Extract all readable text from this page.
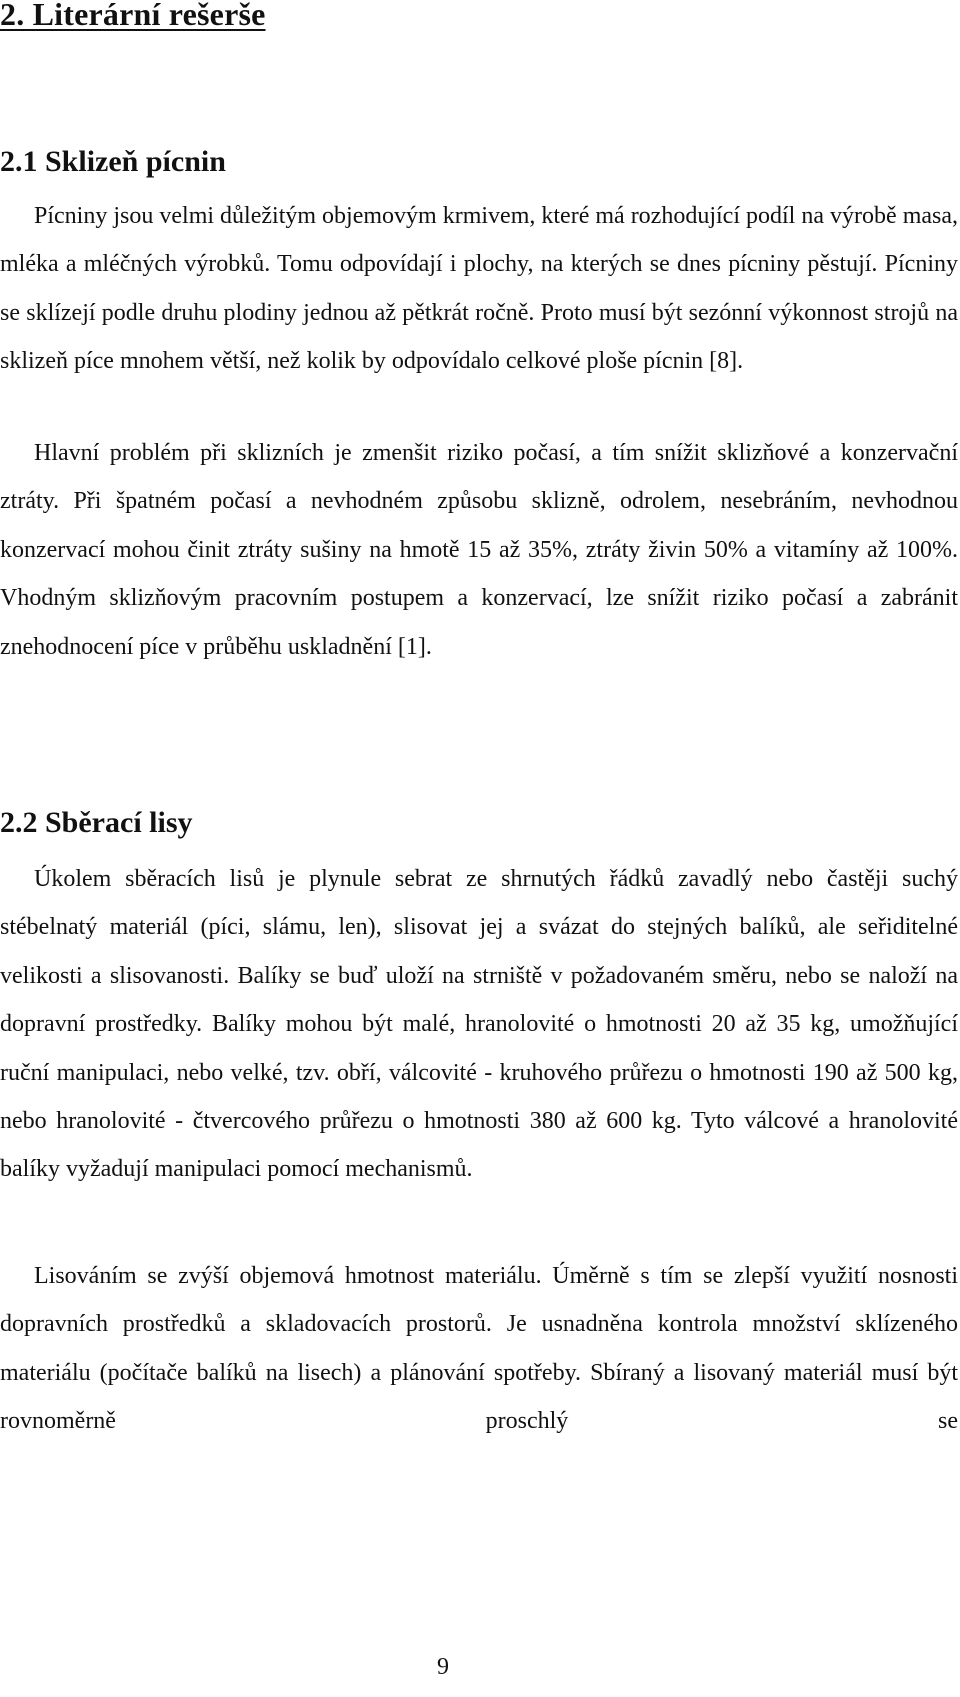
2. Literární rešerše
2.1 Sklizeň pícnin

Pícniny jsou velmi důležitým objemovým krmivem, které má rozhodující podíl na výrobě masa, mléka a mléčných výrobků. Tomu odpovídají i plochy, na kterých se dnes pícniny pěstují. Pícniny se sklízejí podle druhu plodiny jednou až pětkrát ročně. Proto musí být sezónní výkonnost strojů na sklizeň píce mnohem větší, než kolik by odpovídalo celkové ploše pícnin [8].

Hlavní problém při sklizních je zmenšit riziko počasí, a tím snížit sklizňové a konzervační ztráty. Při špatném počasí a nevhodném způsobu sklizně, odrolem, nesebráním, nevhodnou konzervací mohou činit ztráty sušiny na hmotě 15 až 35%, ztráty živin 50% a vitamíny až 100%. Vhodným sklizňovým pracovním postupem a konzervací, lze snížit riziko počasí a zabránit znehodnocení píce v průběhu uskladnění [1].

2.2 Sběrací lisy

Úkolem sběracích lisů je plynule sebrat ze shrnutých řádků zavadlý nebo častěji suchý stébelnatý materiál (píci, slámu, len), slisovat jej a svázat do stejných balíků, ale seřiditelné velikosti a slisovanosti. Balíky se buď uloží na strniště v požadovaném směru, nebo se naloží na dopravní prostředky. Balíky mohou být malé, hranolovité o hmotnosti 20 až 35 kg, umožňující ruční manipulaci, nebo velké, tzv. obří, válcovité - kruhového průřezu o hmotnosti 190 až 500 kg, nebo hranolovité - čtvercového průřezu o hmotnosti 380 až 600 kg. Tyto válcové a hranolovité balíky vyžadují manipulaci pomocí mechanismů.

Lisováním se zvýší objemová hmotnost materiálu. Úměrně s tím se zlepší využití nosnosti dopravních prostředků a skladovacích prostorů. Je usnadněna kontrola množství sklízeného materiálu (počítače balíků na lisech) a plánování spotřeby. Sbíraný a lisovaný materiál musí být rovnoměrně proschlý se

9
